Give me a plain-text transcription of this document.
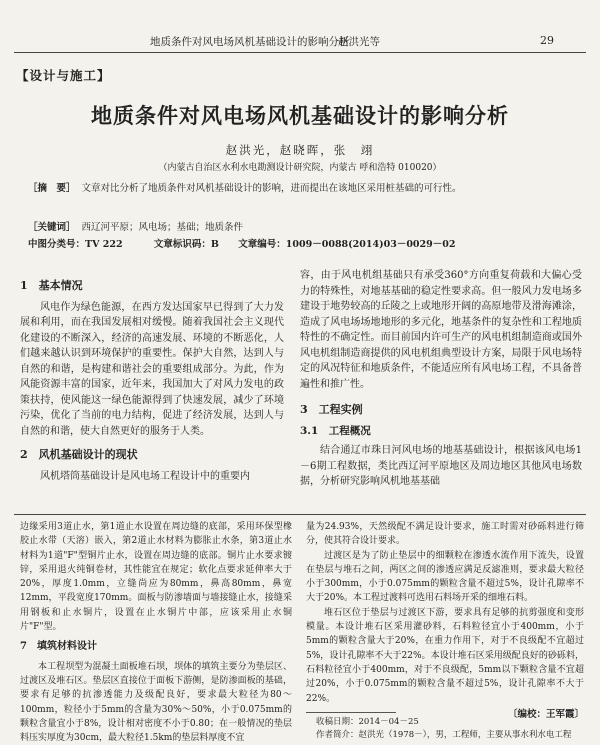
地质条件对风电场风机基础设计的影响分析
赵洪光等	29
【设计与施工】
地质条件对风电场风机基础设计的影响分析
赵洪光，赵晓晖，张　翊
（内蒙古自治区水利水电勘测设计研究院，内蒙古 呼和浩特 010020）
［摘　要］ 文章对比分析了地质条件对风机基础设计的影响，进而提出在该地区采用桩基础的可行性。
［关键词］ 西辽河平原；风电场；基础；地质条件
中图分类号：TV 222	文章标识码：B 文章编号：1009－0088(2014)03－0029－02
1　基本情况

风电作为绿色能源，在西方发达国家早已得到了大力发展和利用，而在我国发展相对缓慢。随着我国社会主义现代化建设的不断深入，经济的高速发展、环境的不断恶化，人们越来越认识到环境保护的重要性。保护大自然，达到人与自然的和谐，是构建和谐社会的重要组成部分。为此，作为风能资源丰富的国家，近年来，我国加大了对风力发电的政策扶持，使风能这一绿色能源得到了快速发展，减少了环境污染，优化了当前的电力结构，促进了经济发展，达到人与自然的和谐，使大自然更好的服务于人类。

2　风机基础设计的现状

风机塔筒基础设计是风电场工程设计中的重要内

容，由于风电机组基础只有承受360°方向重复荷载和大偏心受力的特殊性，对地基基础的稳定性要求高。但一般风力发电场多建设于地势较高的丘陵之上或地形开阔的高原地带及滑海滩涂，造成了风电场场地地形的多元化，地基条件的复杂性和工程地质特性的不确定性。而目前国内许可生产的风电机组制造商或国外风电机组制造商提供的风电机组典型设计方案，局限于风电场特定的风况特征和地质条件，不能适应所有风电场工程，不具备普遍性和推广性。

3　工程实例
3.1　工程概况

结合通辽市珠日河风电场的地基基础设计，根据该风电场1－6期工程数据，类比西辽河平原地区及周边地区其他风电场数据，分析研究影响风机地基基础

边缘采用3道止水，第1道止水设置在周边缝的底部，采用环保型橡胶止水带（天溶）嵌入，第2道止水材料为膨胀止水条，第3道止水材料为1道"F"型铜片止水，设置在周边缝的底部。铜片止水要求镀锌，采用退火纯铜卷材，其性能宜在规定；软化点要求延伸率大于20%，厚度1.0mm，立缝尚应为80mm，鼻高80mm，鼻宽12mm，平段宽度170mm。面板与防渗墙面与墙接缝止水，接缝采用钢板和止水铜片，设置在止水铜片中部，应该采用止水铜片"F"型。

7　填筑材料设计

本工程坝型为混凝土面板堆石坝，坝体的填筑主要分为垫层区、过渡区及堆石区。垫层区直接位于面板下游侧，是防渗面板的基础，要求有足够的抗渗透能力及级配良好，要求最大粒径为80～100mm，粒径小于5mm的含量为30%～50%，小于0.075mm的颗粒含量宜小于8%，设计相对密度不小于0.80；在一般情况的垫层料压实厚度为30cm，最大粒径1.5km的垫层料厚度不宜

量为24.93%，天然级配不满足设计要求，施工时需对砂砾料进行筛分，使其符合设计要求。

过渡区是为了防止垫层中的细颗粒在渗透水流作用下流失，设置在垫层与堆石之间，两区之间的渗透应满足反滤准则，要求最大粒径小于300mm，小于0.075mm的颗粒含量不超过5%，设计孔隙率不大于20%。本工程过渡料可选用石料场开采的细堆石料。

堆石区位于垫层与过渡区下游，要求具有足够的抗剪强度和变形模量。本设计堆石区采用灌砂料，石料粒径宜小于400mm，小于5mm的颗粒含量大于20%，在重力作用下，对于不良级配不宜超过5%，设计孔隙率不大于22%。本设计堆石区采用级配良好的砂砾料，石料粒径宜小于400mm，对于不良级配，5mm以下颗粒含量不宜超过20%，小于0.075mm的颗粒含量不超过5%，设计孔隙率不大于22%。

〔编校：王军霞〕
收稿日期：2014－04－25
作者简介：赵洪光（1978－），男，工程师，主要从事水利水电工程
